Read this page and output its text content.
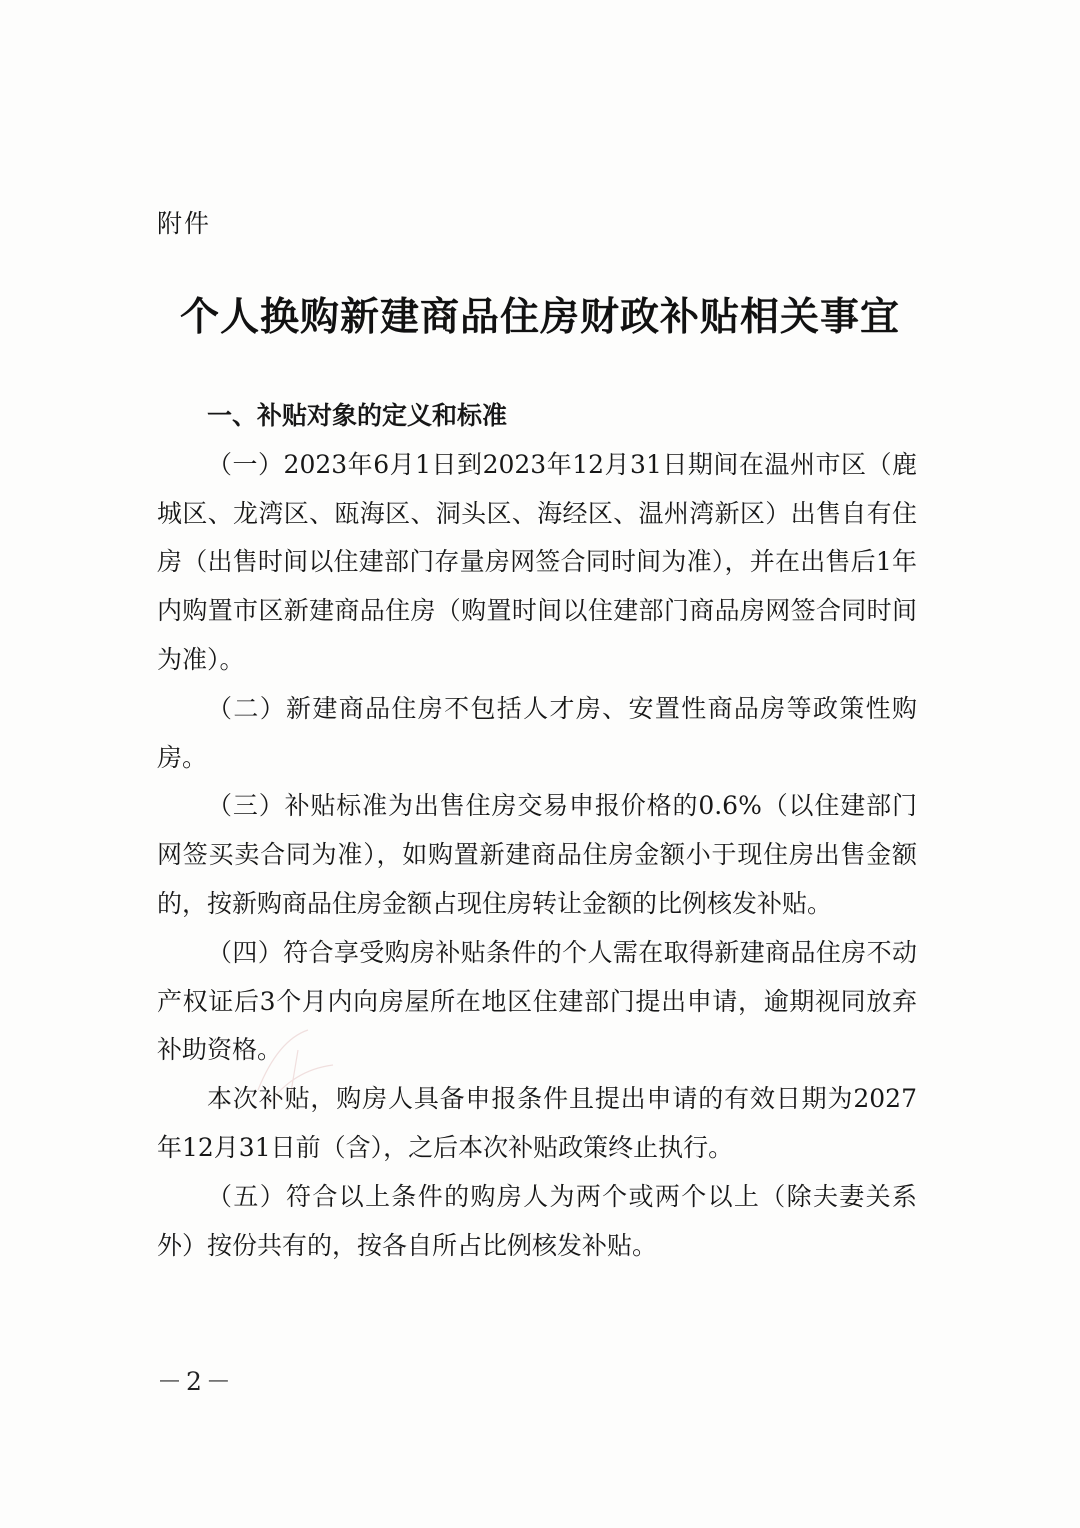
附件
个人换购新建商品住房财政补贴相关事宜

一、补贴对象的定义和标准

（一）2023年6月1日到2023年12月31日期间在温州市区（鹿城区、龙湾区、瓯海区、洞头区、海经区、温州湾新区）出售自有住房（出售时间以住建部门存量房网签合同时间为准），并在出售后1年内购置市区新建商品住房（购置时间以住建部门商品房网签合同时间为准）。

（二）新建商品住房不包括人才房、安置性商品房等政策性购房。

（三）补贴标准为出售住房交易申报价格的0.6%（以住建部门网签买卖合同为准），如购置新建商品住房金额小于现住房出售金额的，按新购商品住房金额占现住房转让金额的比例核发补贴。

（四）符合享受购房补贴条件的个人需在取得新建商品住房不动产权证后3个月内向房屋所在地区住建部门提出申请，逾期视同放弃补助资格。

本次补贴，购房人具备申报条件且提出申请的有效日期为2027年12月31日前（含），之后本次补贴政策终止执行。

（五）符合以上条件的购房人为两个或两个以上（除夫妻关系外）按份共有的，按各自所占比例核发补贴。

－2－
